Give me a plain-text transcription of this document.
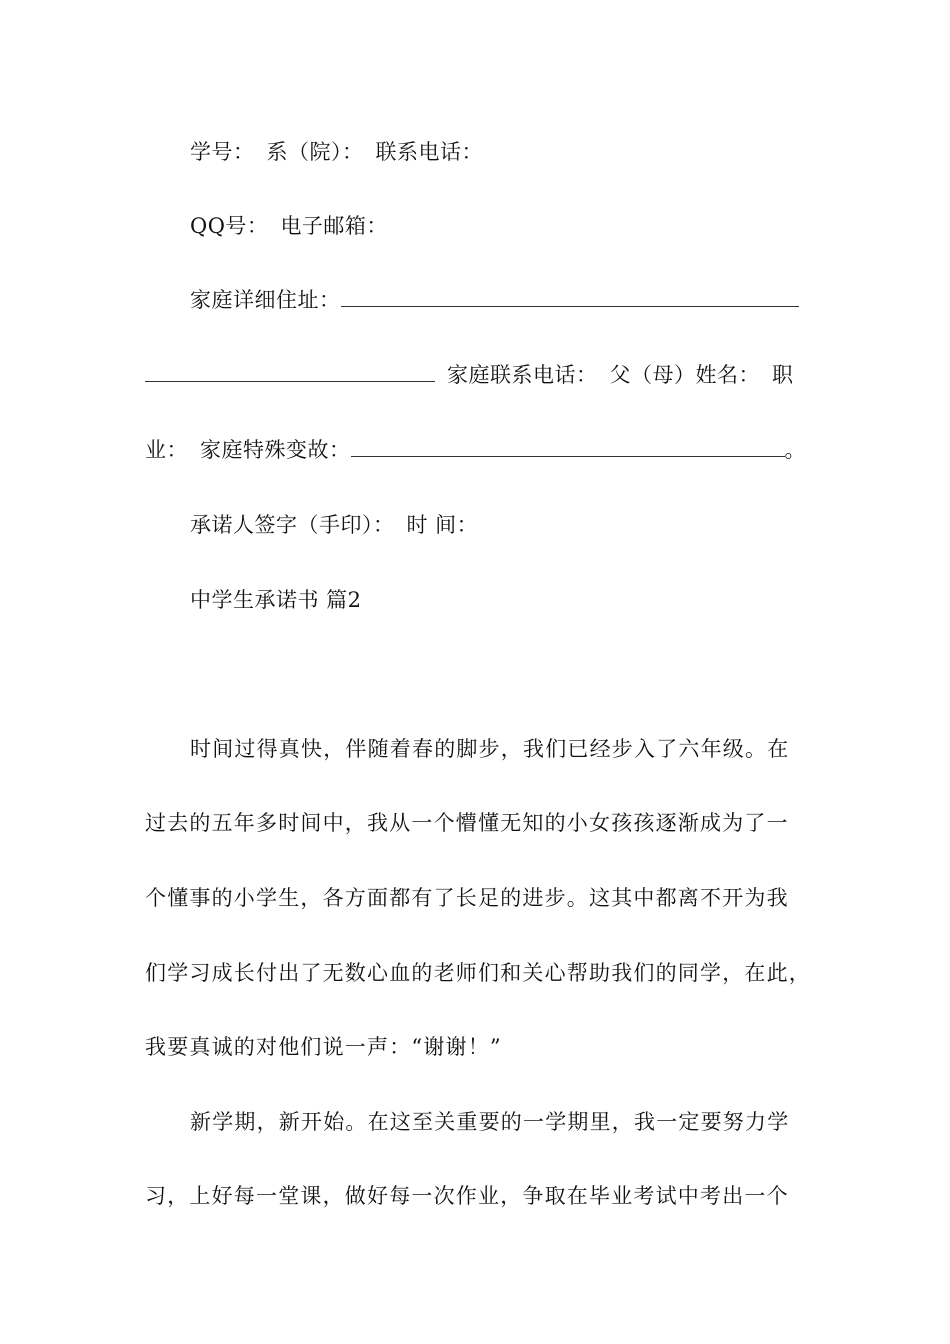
学号： 系（院）： 联系电话：
QQ号： 电子邮箱：
家庭详细住址：
家庭联系电话： 父（母）姓名： 职
业： 家庭特殊变故：	。
承诺人签字（手印）： 时 间：
中学生承诺书 篇2
时间过得真快，伴随着春的脚步，我们已经步入了六年级。在
过去的五年多时间中，我从一个懵懂无知的小女孩孩逐渐成为了一
个懂事的小学生，各方面都有了长足的进步。这其中都离不开为我
们学习成长付出了无数心血的老师们和关心帮助我们的同学，在此，
我要真诚的对他们说一声：“谢谢！”
新学期，新开始。在这至关重要的一学期里，我一定要努力学
习，上好每一堂课，做好每一次作业，争取在毕业考试中考出一个
